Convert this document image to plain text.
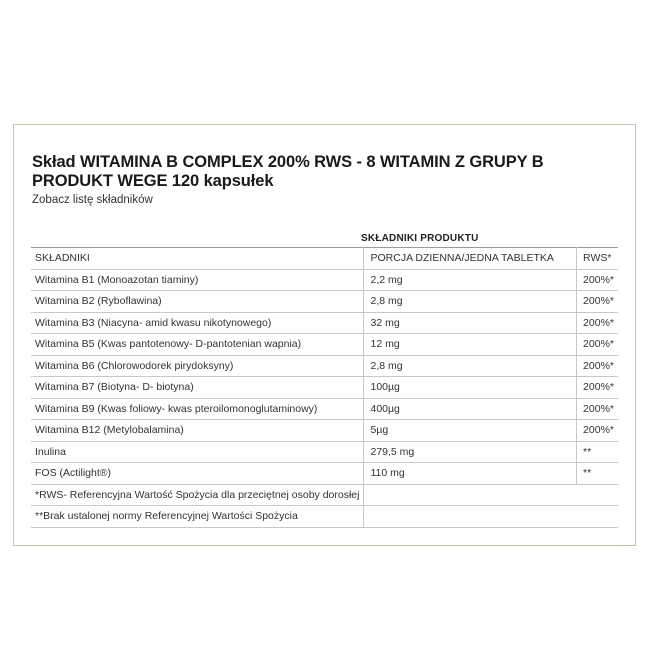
Skład WITAMINA B COMPLEX 200% RWS - 8 WITAMIN Z GRUPY B PRODUKT WEGE 120 kapsułek
Zobacz listę składników
SKŁADNIKI PRODUKTU
SKŁADNIKI	PORCJA DZIENNA/JEDNA TABLETKA	RWS*
Witamina B1 (Monoazotan tiaminy)	2,2 mg	200%*
Witamina B2 (Ryboflawina)	2,8 mg	200%*
Witamina B3 (Niacyna- amid kwasu nikotynowego)	32 mg	200%*
Witamina B5 (Kwas pantotenowy- D-pantotenian wapnia)	12 mg	200%*
Witamina B6 (Chlorowodorek pirydoksyny)	2,8 mg	200%*
Witamina B7 (Biotyna- D- biotyna)	100µg	200%*
Witamina B9 (Kwas foliowy- kwas pteroilomonoglutaminowy)	400µg	200%*
Witamina B12 (Metylobalamina)	5µg	200%*
Inulina	279,5 mg	**
FOS (Actilight®)	110 mg	**
*RWS- Referencyjna Wartość Spożycia dla przeciętnej osoby dorosłej		
**Brak ustalonej normy Referencyjnej Wartości Spożycia		
